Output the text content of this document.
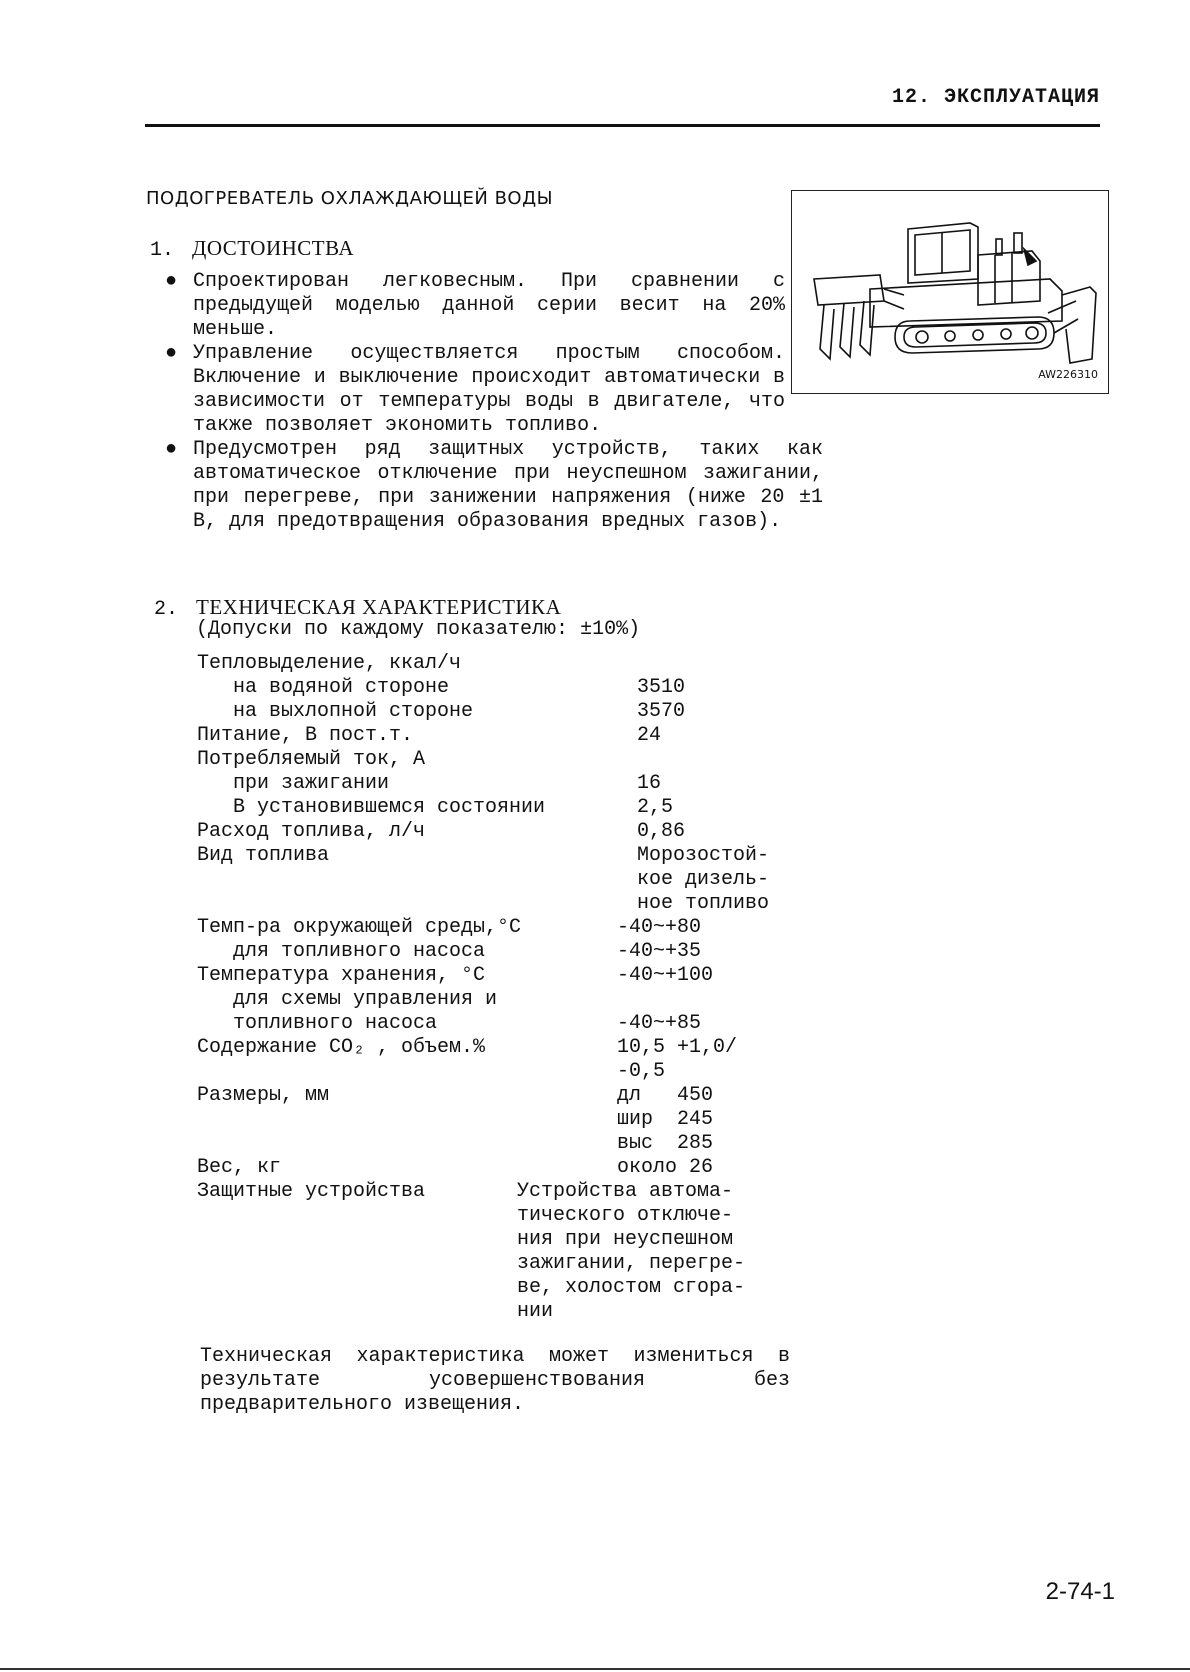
12. ЭКСПЛУАТАЦИЯ
ПОДОГРЕВАТЕЛЬ ОХЛАЖДАЮЩЕЙ ВОДЫ
1. ДОСТОИНСТВА
● Спроектирован легковесным. При сравнении с предыдущей моделью данной серии весит на 20% меньше.
● Управление осуществляется простым способом. Включение и выключение происходит автоматически в зависимости от температуры воды в двигателе, что также позволяет экономить топливо.
● Предусмотрен ряд защитных устройств, таких как автоматическое отключение при неуспешном зажигании, при перегреве, при занижении напряжения (ниже 20 ±1 В, для предотвращения образования вредных газов).
AW226310
2. ТЕХНИЧЕСКАЯ ХАРАКТЕРИСТИКА
(Допуски по каждому показателю: ±10%)
Тепловыделение, ккал/ч
на водяной стороне	3510
на выхлопной стороне	3570
Питание, В пост.т.	24
Потребляемый ток, А
при зажигании	16
В установившемся состоянии	2,5
Расход топлива, л/ч	0,86
Вид топлива	Морозостой-
кое дизель-
ное топливо
Темп-ра окружающей среды,°C	-40~+80
для топливного насоса	-40~+35
Температура хранения, °C	-40~+100
для схемы управления и
топливного насоса	-40~+85
Содержание CO₂ , объем.%	10,5 +1,0/
-0,5
Размеры, мм	дл   450
шир  245
выс  285
Вес, кг	около 26
Защитные устройства	Устройства автома-
тического отключе-
ния при неуспешном
зажигании, перегре-
ве, холостом сгора-
нии
Техническая характеристика может измениться в результате усовершенствования без предварительного извещения.
2-74-1
